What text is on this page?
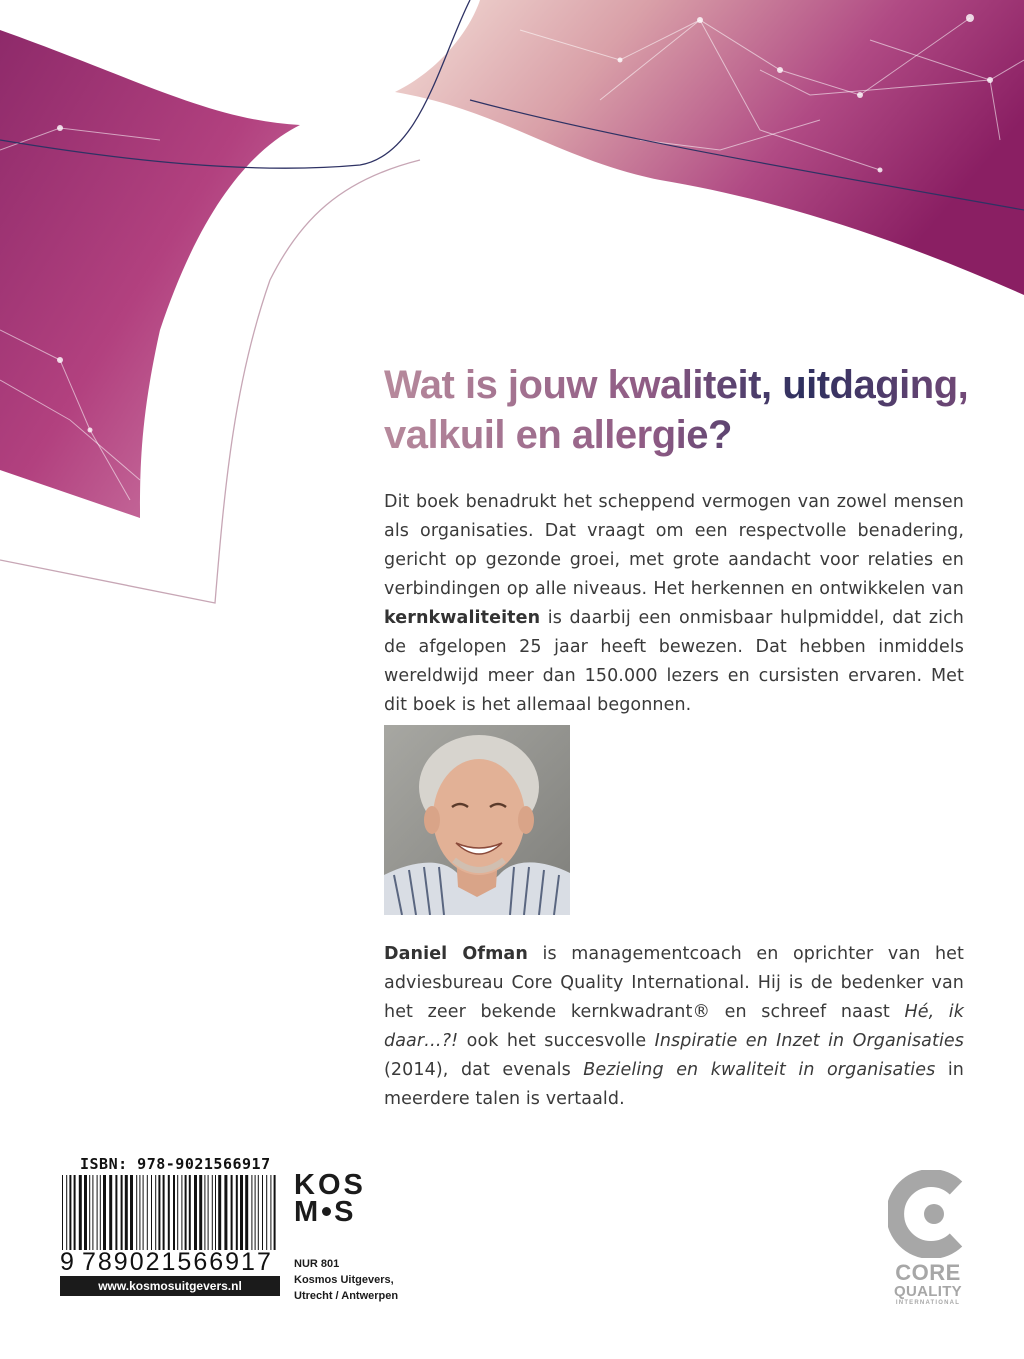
Wat is jouw kwaliteit, uitdaging,
valkuil en allergie?
Dit boek benadrukt het scheppend vermogen van zowel mensen als organisaties. Dat vraagt om een respectvolle benadering, gericht op gezonde groei, met grote aandacht voor relaties en verbindingen op alle niveaus. Het herkennen en ontwikkelen van kernkwaliteiten is daarbij een onmisbaar hulpmiddel, dat zich de afgelopen 25 jaar heeft bewezen. Dat hebben inmiddels wereldwijd meer dan 150.000 lezers en cursisten ervaren. Met dit boek is het allemaal begonnen.
Daniel Ofman is managementcoach en oprichter van het adviesbureau Core Quality International. Hij is de bedenker van het zeer bekende kernkwadrant® en schreef naast Hé, ik daar…?! ook het succesvolle Inspiratie en Inzet in Organisaties (2014), dat evenals Bezieling en kwaliteit in organisaties in meerdere talen is vertaald.
ISBN: 978-9021566917
9 789021566917
www.kosmosuitgevers.nl
KOS
M S
NUR 801
Kosmos Uitgevers,
Utrecht / Antwerpen
CORE
QUALITY
INTERNATIONAL
